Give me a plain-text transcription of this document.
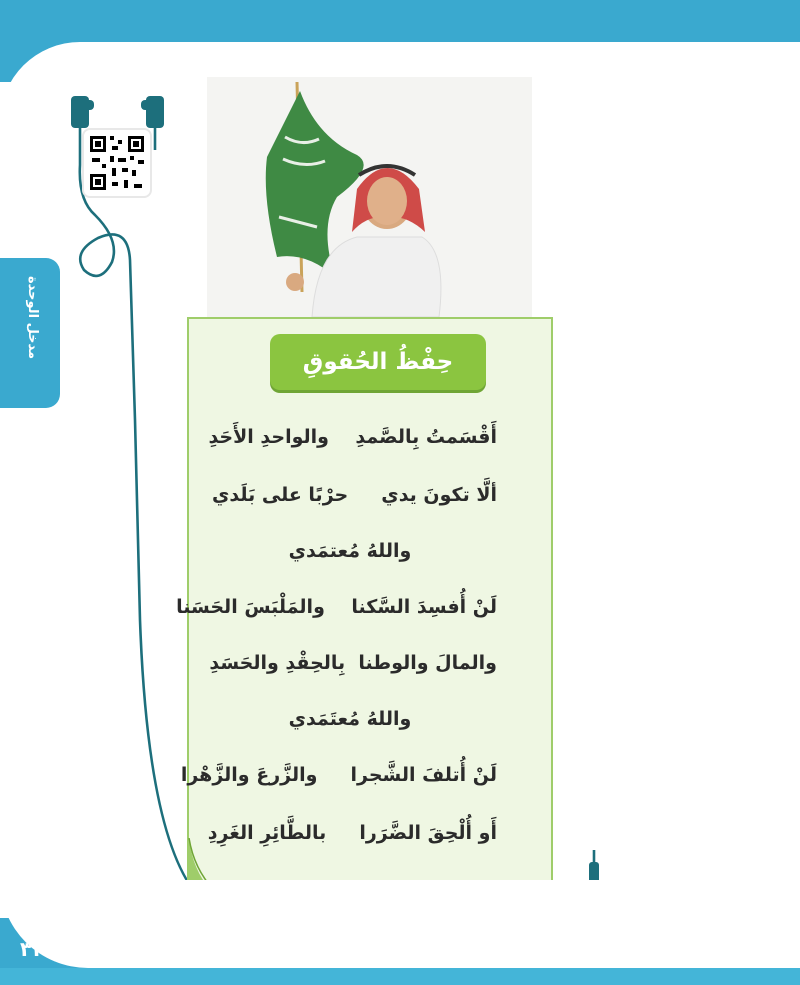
مدخل الوحدة
حِفْظُ الحُقوقِ
أَقْسَمتُ بِالصَّمدِ    والواحدِ الأَحَدِ
ألَّا تكونَ يدي     حرْبًا على بَلَدي
واللهُ مُعتمَدي
لَنْ أُفسِدَ السَّكنا    والمَلْبَسَ الحَسَنا
والمالَ والوطنا  بِالحِقْدِ والحَسَدِ
واللهُ مُعتَمَدي
لَنْ أُتلفَ الشَّجرا     والزَّرعَ والزَّهْرا
أَو أُلْحِقَ الضَّرَرا     بالطَّائِرِ الغَرِدِ
٣٣
